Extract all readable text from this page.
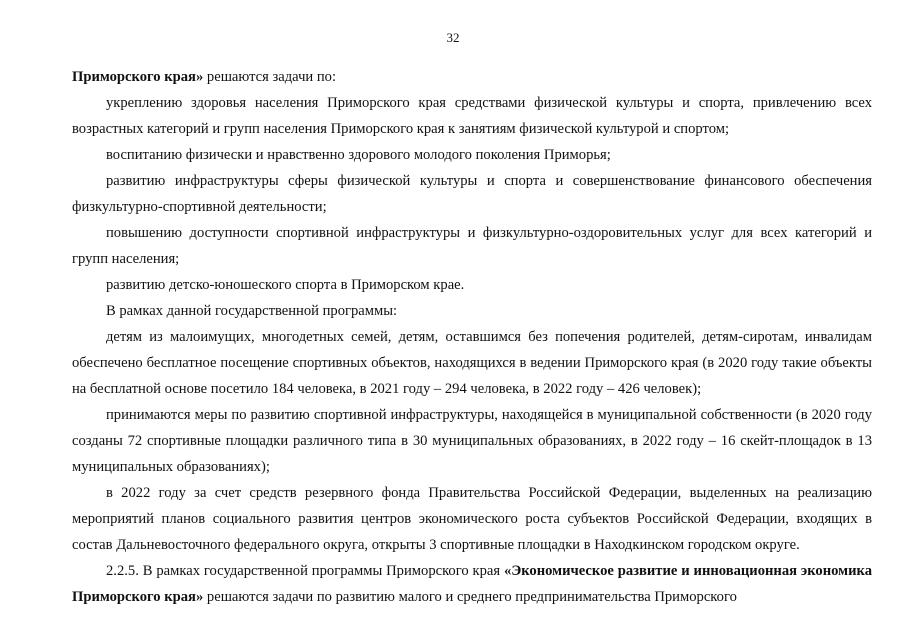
32

Приморского края» решаются задачи по:

укреплению здоровья населения Приморского края средствами физической культуры и спорта, привлечению всех возрастных категорий и групп населения Приморского края к занятиям физической культурой и спортом;

воспитанию физически и нравственно здорового молодого поколения Приморья;

развитию инфраструктуры сферы физической культуры и спорта и совершенствование финансового обеспечения физкультурно-спортивной деятельности;

повышению доступности спортивной инфраструктуры и физкультурно-оздоровительных услуг для всех категорий и групп населения;

развитию детско-юношеского спорта в Приморском крае.

В рамках данной государственной программы:

детям из малоимущих, многодетных семей, детям, оставшимся без попечения родителей, детям-сиротам, инвалидам обеспечено бесплатное посещение спортивных объектов, находящихся в ведении Приморского края (в 2020 году такие объекты на бесплатной основе посетило 184 человека, в 2021 году – 294 человека, в 2022 году – 426 человек);

принимаются меры по развитию спортивной инфраструктуры, находящейся в муниципальной собственности (в 2020 году созданы 72 спортивные площадки различного типа в 30 муниципальных образованиях, в 2022 году – 16 скейт-площадок в 13 муниципальных образованиях);

в 2022 году за счет средств резервного фонда Правительства Российской Федерации, выделенных на реализацию мероприятий планов социального развития центров экономического роста субъектов Российской Федерации, входящих в состав Дальневосточного федерального округа, открыты 3 спортивные площадки в Находкинском городском округе.

2.2.5. В рамках государственной программы Приморского края «Экономическое развитие и инновационная экономика Приморского края» решаются задачи по развитию малого и среднего предпринимательства Приморского
